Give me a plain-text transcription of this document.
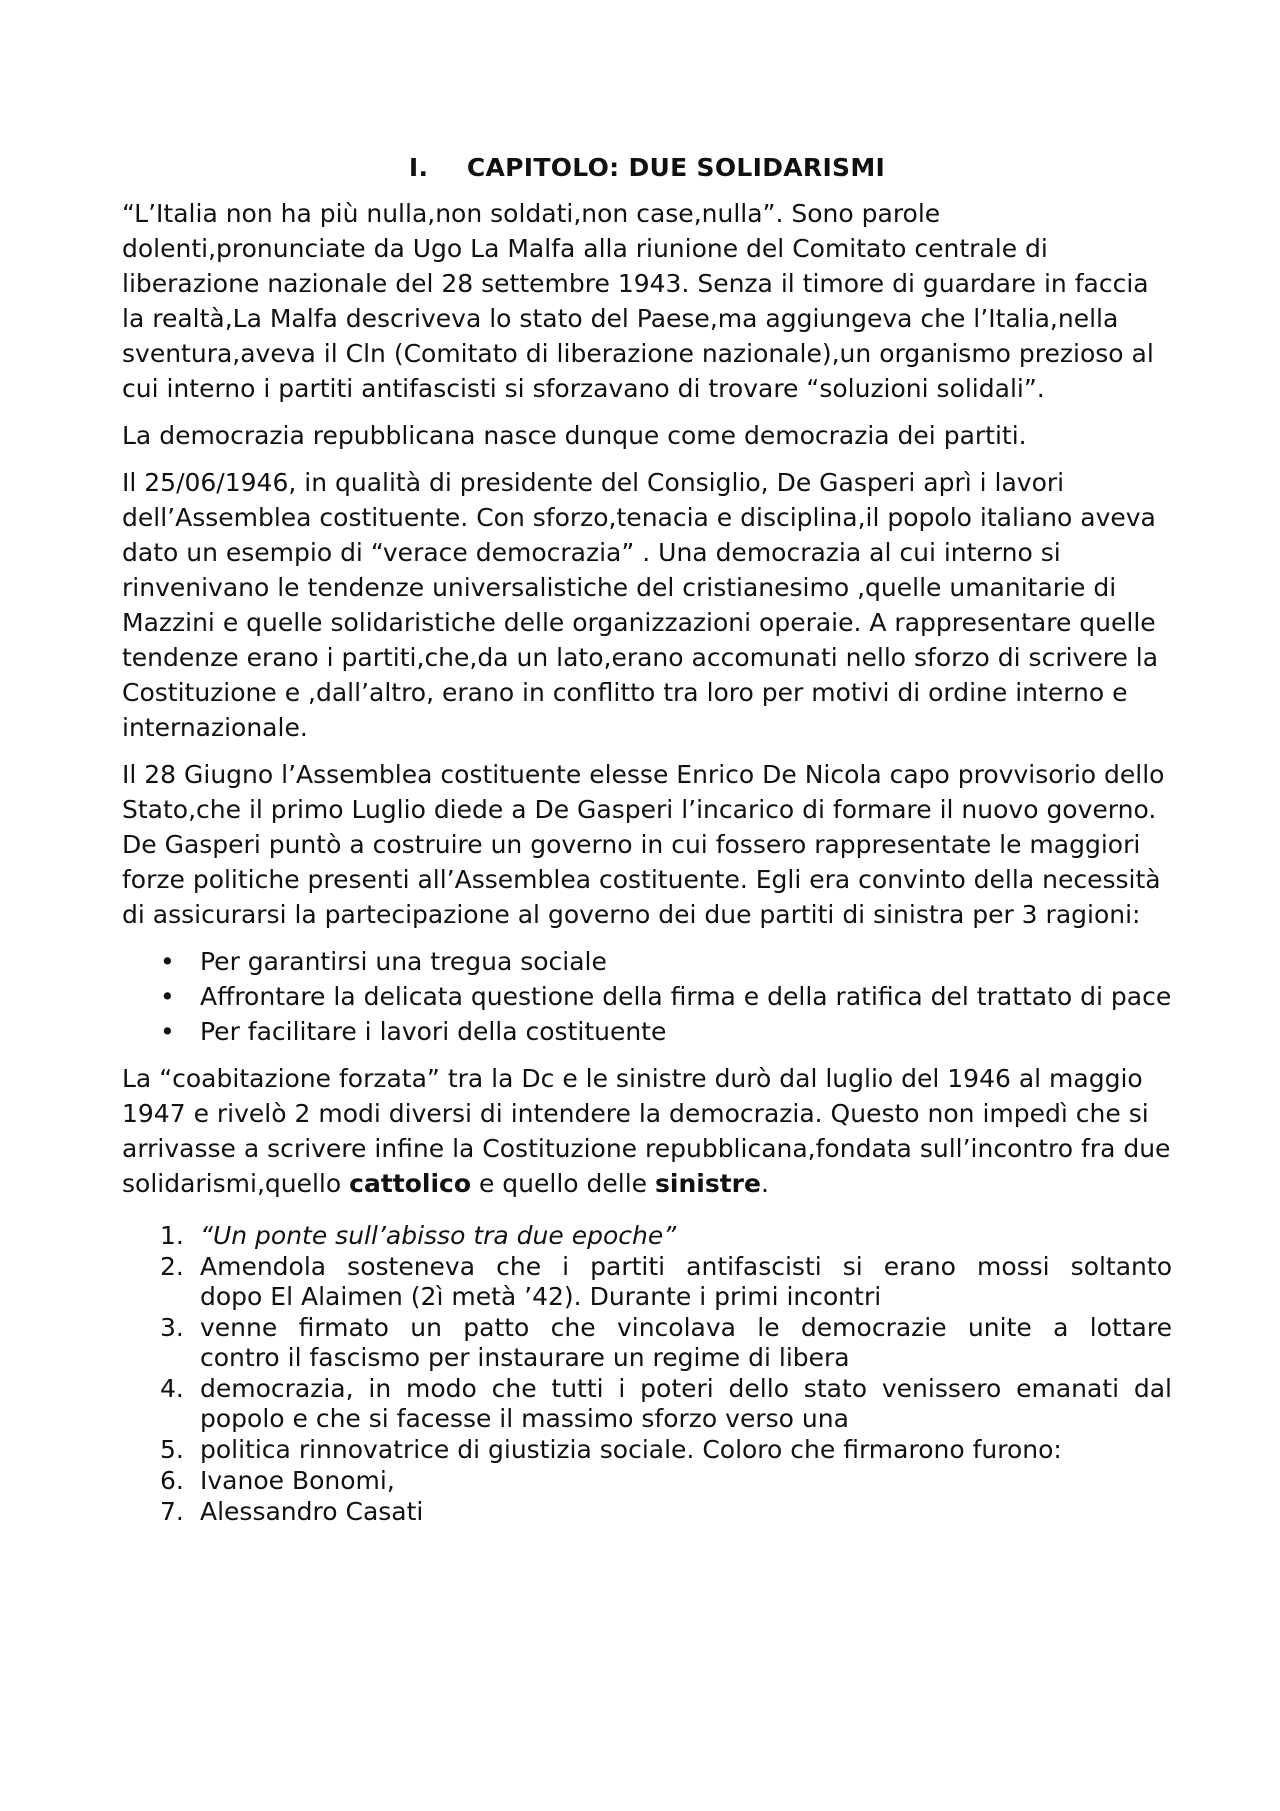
I. CAPITOLO: DUE SOLIDARISMI

“L’Italia non ha più nulla,non soldati,non case,nulla”. Sono parole dolenti,pronunciate da Ugo La Malfa alla riunione del Comitato centrale di liberazione nazionale del 28 settembre 1943. Senza il timore di guardare in faccia la realtà,La Malfa descriveva lo stato del Paese,ma aggiungeva che l’Italia,nella sventura,aveva il Cln (Comitato di liberazione nazionale),un organismo prezioso al cui interno i partiti antifascisti si sforzavano di trovare “soluzioni solidali”.

La democrazia repubblicana nasce dunque come democrazia dei partiti.

Il 25/06/1946, in qualità di presidente del Consiglio, De Gasperi aprì i lavori dell’Assemblea costituente. Con sforzo,tenacia e disciplina,il popolo italiano aveva dato un esempio di “verace democrazia” . Una democrazia al cui interno si rinvenivano le tendenze universalistiche del cristianesimo ,quelle umanitarie di Mazzini e quelle solidaristiche delle organizzazioni operaie. A rappresentare quelle tendenze erano i partiti,che,da un lato,erano accomunati nello sforzo di scrivere la Costituzione e ,dall’altro, erano in conflitto tra loro per motivi di ordine interno e internazionale.

Il 28 Giugno l’Assemblea costituente elesse Enrico De Nicola capo provvisorio dello Stato,che il primo Luglio diede a De Gasperi l’incarico di formare il nuovo governo. De Gasperi puntò a costruire un governo in cui fossero rappresentate le maggiori forze politiche presenti all’Assemblea costituente. Egli era convinto della necessità di assicurarsi la partecipazione al governo dei due partiti di sinistra per 3 ragioni:

• Per garantirsi una tregua sociale
• Affrontare la delicata questione della firma e della ratifica del trattato di pace
• Per facilitare i lavori della costituente

La “coabitazione forzata” tra la Dc e le sinistre durò dal luglio del 1946 al maggio 1947 e rivelò 2 modi diversi di intendere la democrazia. Questo non impedì che si arrivasse a scrivere infine la Costituzione repubblicana,fondata sull’incontro fra due solidarismi,quello cattolico e quello delle sinistre.

1. “Un ponte sull’abisso tra due epoche”
2. Amendola sosteneva che i partiti antifascisti si erano mossi soltanto
dopo El Alaimen (2ì metà ’42). Durante i primi incontri
3. venne firmato un patto che vincolava le democrazie unite a lottare
contro il fascismo per instaurare un regime di libera
4. democrazia, in modo che tutti i poteri dello stato venissero emanati dal
popolo e che si facesse il massimo sforzo verso una
5. politica rinnovatrice di giustizia sociale. Coloro che firmarono furono:
6. Ivanoe Bonomi,
7. Alessandro Casati
